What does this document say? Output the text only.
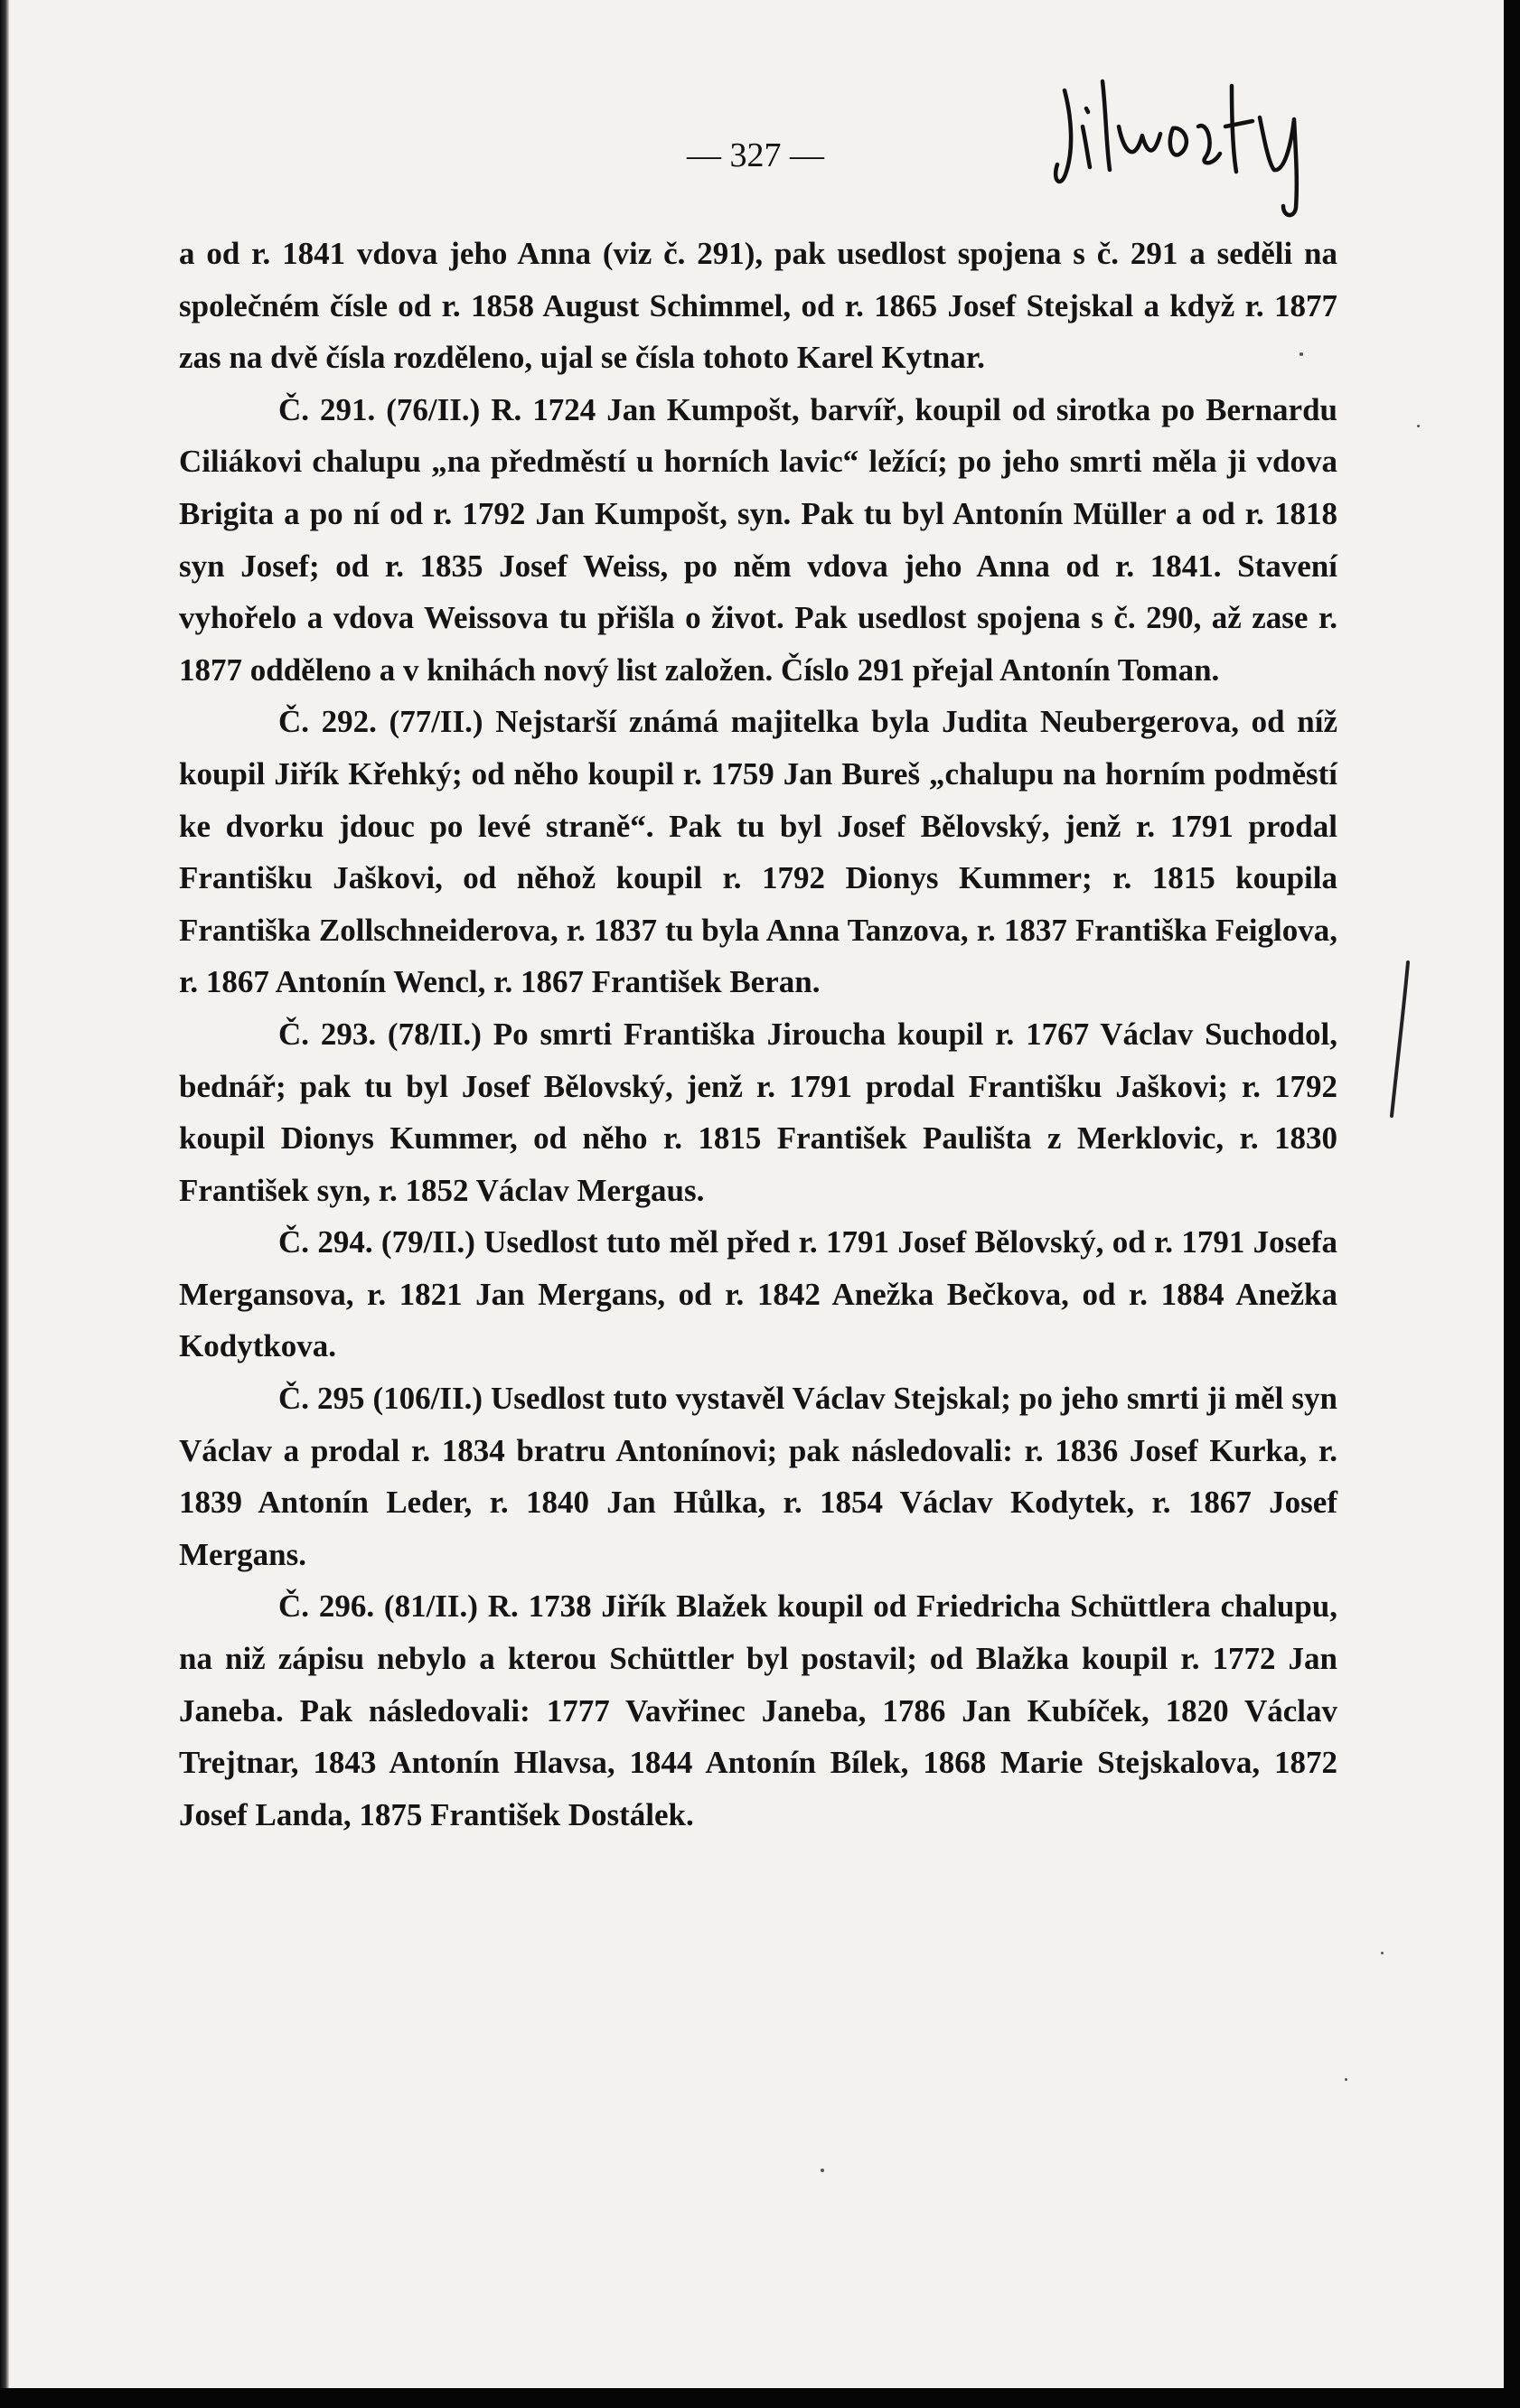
— 327 —

a od r. 1841 vdova jeho Anna (viz č. 291), pak usedlost spojena s č. 291 a seděli na společném čísle od r. 1858 August Schimmel, od r. 1865 Josef Stejskal a když r. 1877 zas na dvě čísla rozděleno, ujal se čísla tohoto Karel Kytnar.

Č. 291. (76/II.) R. 1724 Jan Kumpošt, barvíř, koupil od sirotka po Bernardu Ciliákovi chalupu „na předměstí u horních lavic“ ležící; po jeho smrti měla ji vdova Brigita a po ní od r. 1792 Jan Kumpošt, syn. Pak tu byl Antonín Müller a od r. 1818 syn Josef; od r. 1835 Josef Weiss, po něm vdova jeho Anna od r. 1841. Stavení vyhořelo a vdova Weissova tu přišla o život. Pak usedlost spojena s č. 290, až zase r. 1877 odděleno a v knihách nový list založen. Číslo 291 přejal Antonín Toman.

Č. 292. (77/II.) Nejstarší známá majitelka byla Judita Neubergerova, od níž koupil Jiřík Křehký; od něho koupil r. 1759 Jan Bureš „chalupu na horním podměstí ke dvorku jdouc po levé straně“. Pak tu byl Josef Bělovský, jenž r. 1791 prodal Františku Jaškovi, od něhož koupil r. 1792 Dionys Kummer; r. 1815 koupila Františka Zollschneiderova, r. 1837 tu byla Anna Tanzova, r. 1837 Františka Feiglova, r. 1867 Antonín Wencl, r. 1867 František Beran.

Č. 293. (78/II.) Po smrti Františka Jiroucha koupil r. 1767 Václav Suchodol, bednář; pak tu byl Josef Bělovský, jenž r. 1791 prodal Františku Jaškovi; r. 1792 koupil Dionys Kummer, od něho r. 1815 František Paulišta z Merklovic, r. 1830 František syn, r. 1852 Václav Mergaus.

Č. 294. (79/II.) Usedlost tuto měl před r. 1791 Josef Bělovský, od r. 1791 Josefa Mergansova, r. 1821 Jan Mergans, od r. 1842 Anežka Bečkova, od r. 1884 Anežka Kodytkova.

Č. 295 (106/II.) Usedlost tuto vystavěl Václav Stejskal; po jeho smrti ji měl syn Václav a prodal r. 1834 bratru Antonínovi; pak následovali: r. 1836 Josef Kurka, r. 1839 Antonín Leder, r. 1840 Jan Hůlka, r. 1854 Václav Kodytek, r. 1867 Josef Mergans.

Č. 296. (81/II.) R. 1738 Jiřík Blažek koupil od Friedricha Schüttlera chalupu, na niž zápisu nebylo a kterou Schüttler byl postavil; od Blažka koupil r. 1772 Jan Janeba. Pak následovali: 1777 Vavřinec Janeba, 1786 Jan Kubíček, 1820 Václav Trejtnar, 1843 Antonín Hlavsa, 1844 Antonín Bílek, 1868 Marie Stejskalova, 1872 Josef Landa, 1875 František Dostálek.
